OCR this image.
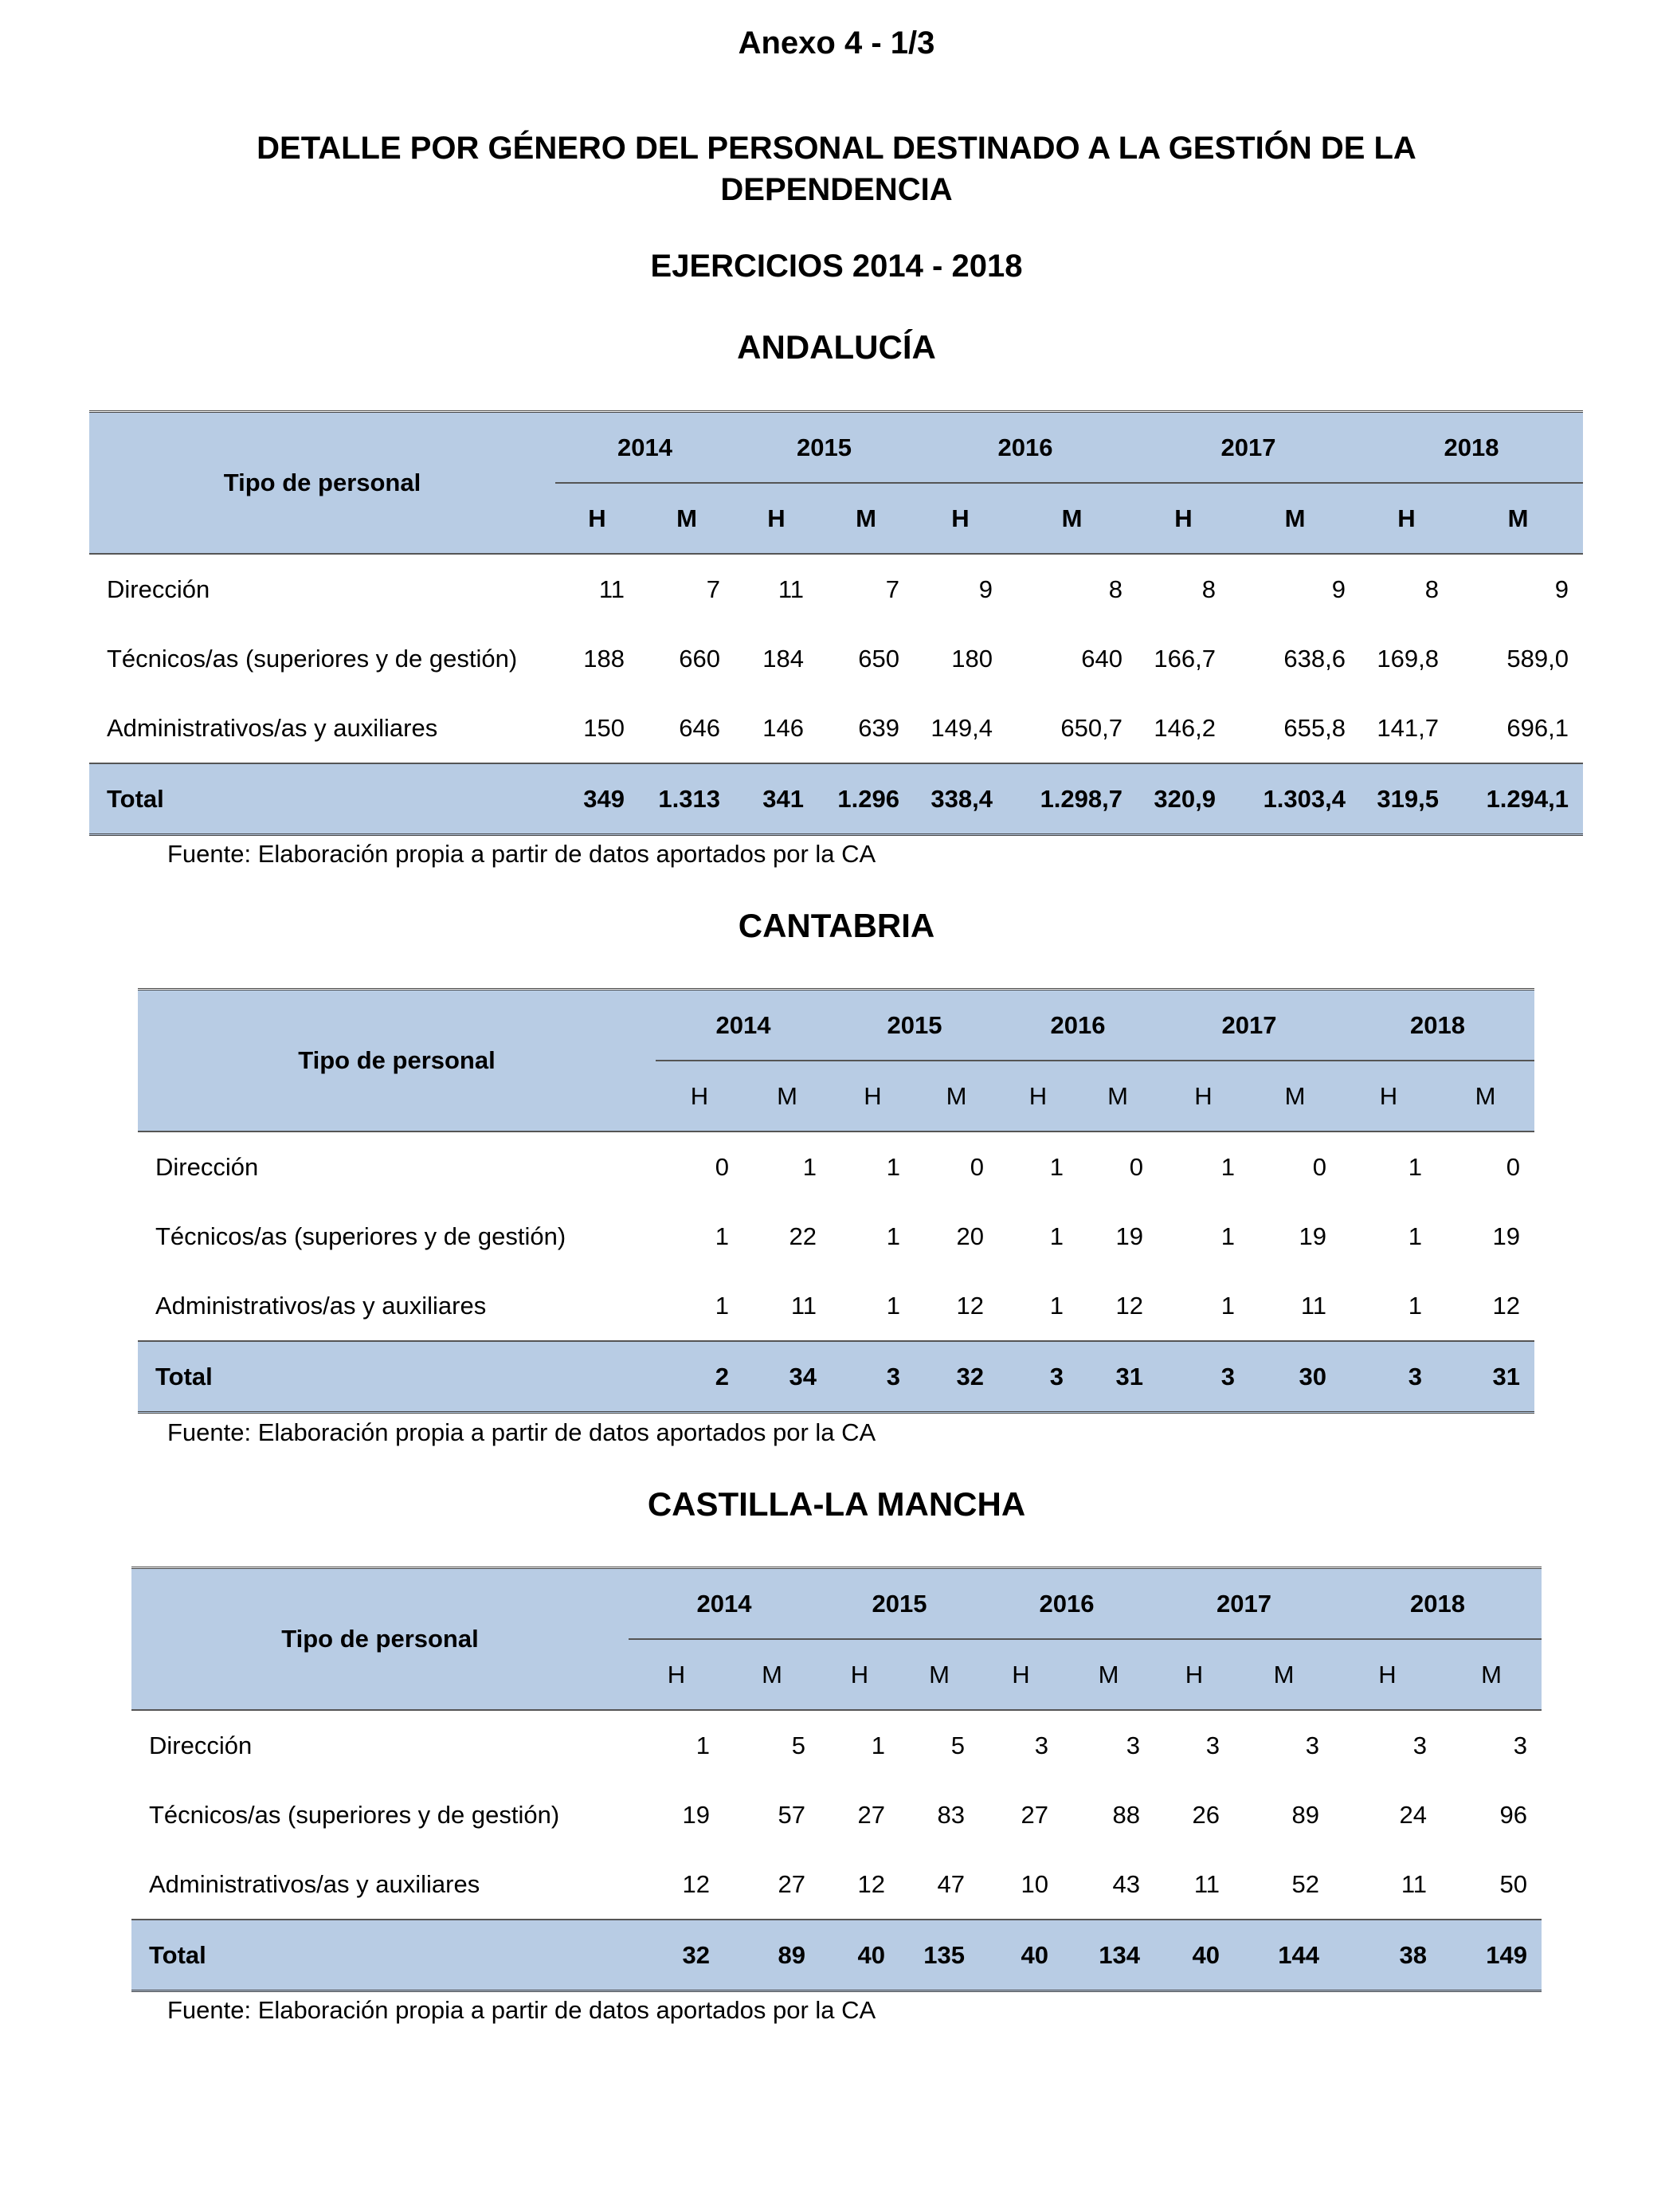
Anexo 4 - 1/3
DETALLE POR GÉNERO DEL PERSONAL DESTINADO A LA GESTIÓN DE LA DEPENDENCIA
EJERCICIOS 2014 - 2018
ANDALUCÍA
Tipo de personal	2014		2015		2016		2017		2018	
	H	M	H	M	H	M	H	M	H	M
Dirección	11	7	11	7	9	8	8	9	8	9
Técnicos/as (superiores y de gestión)	188	660	184	650	180	640	166,7	638,6	169,8	589,0
Administrativos/as y auxiliares	150	646	146	639	149,4	650,7	146,2	655,8	141,7	696,1
Total	349	1.313	341	1.296	338,4	1.298,7	320,9	1.303,4	319,5	1.294,1
Fuente: Elaboración propia a partir de datos aportados por la CA
CANTABRIA
Tipo de personal	2014		2015		2016		2017		2018	
	H	M	H	M	H	M	H	M	H	M
Dirección	0	1	1	0	1	0	1	0	1	0
Técnicos/as (superiores y de gestión)	1	22	1	20	1	19	1	19	1	19
Administrativos/as y auxiliares	1	11	1	12	1	12	1	11	1	12
Total	2	34	3	32	3	31	3	30	3	31
Fuente: Elaboración propia a partir de datos aportados por la CA
CASTILLA-LA MANCHA
Tipo de personal	2014		2015		2016		2017		2018	
	H	M	H	M	H	M	H	M	H	M
Dirección	1	5	1	5	3	3	3	3	3	3
Técnicos/as (superiores y de gestión)	19	57	27	83	27	88	26	89	24	96
Administrativos/as y auxiliares	12	27	12	47	10	43	11	52	11	50
Total	32	89	40	135	40	134	40	144	38	149
Fuente: Elaboración propia a partir de datos aportados por la CA
